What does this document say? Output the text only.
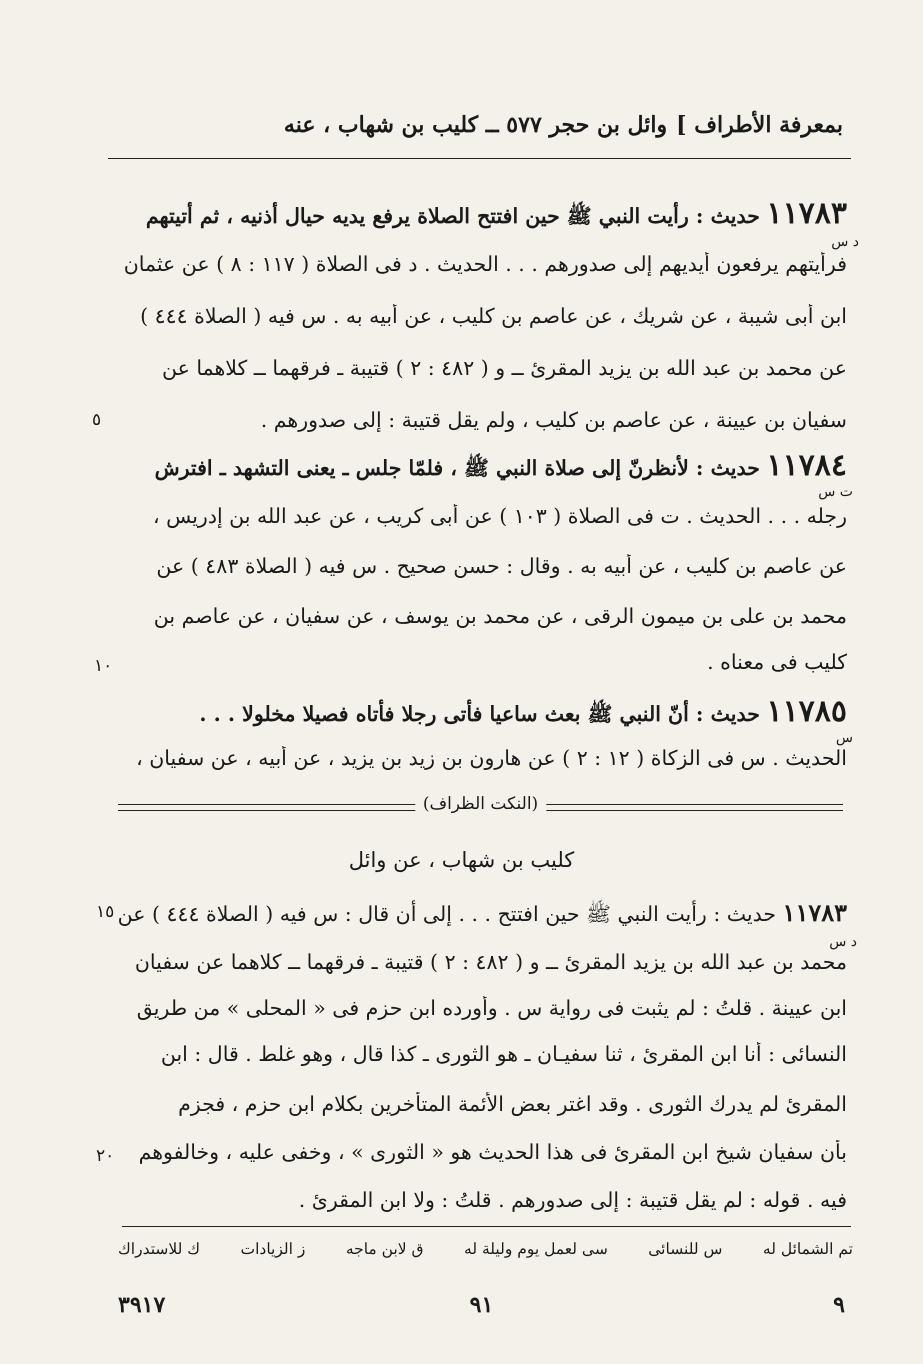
بمعرفة الأطراف ]
وائل بن حجر ٥٧٧ ــ كليب بن شهاب ، عنه
١١٧٨٣ حديث : رأيت النبي ﷺ حين افتتح الصلاة يرفع يديه حيال أذنيه ، ثم أتيتهم
فرأيتهم يرفعون أيديهم إلى صدورهم . . . الحديث . د فى الصلاة ( ١١٧ : ٨ ) عن عثمان
ابن أبى شيبة ، عن شريك ، عن عاصم بن كليب ، عن أبيه به . س فيه ( الصلاة ٤٤٤ )
عن محمد بن عبد الله بن يزيد المقرئ ــ و ( ٤٨٢ : ٢ ) قتيبة ـ فرقهما ــ كلاهما عن
سفيان بن عيينة ، عن عاصم بن كليب ، ولم يقل قتيبة : إلى صدورهم .
د س
١١٧٨٤ حديث : لأنظرنّ إلى صلاة النبي ﷺ ، فلمّا جلس ـ يعنى التشهد ـ افترش
رجله . . . الحديث . ت فى الصلاة ( ١٠٣ ) عن أبى كريب ، عن عبد الله بن إدريس ،
عن عاصم بن كليب ، عن أبيه به . وقال : حسن صحيح . س فيه ( الصلاة ٤٨٣ ) عن
محمد بن على بن ميمون الرقى ، عن محمد بن يوسف ، عن سفيان ، عن عاصم بن
كليب فى معناه .
ت س
١١٧٨٥ حديث : أنّ النبي ﷺ بعث ساعيا فأتى رجلا فأتاه فصيلا مخلولا . . .
الحديث . س فى الزكاة ( ١٢ : ٢ ) عن هارون بن زيد بن يزيد ، عن أبيه ، عن سفيان ،
س
(النكت الظراف)
كليب بن شهاب ، عن وائل
١١٧٨٣ حديث : رأيت النبي ﷺ حين افتتح . . . إلى أن قال : س فيه ( الصلاة ٤٤٤ ) عن
محمد بن عبد الله بن يزيد المقرئ ــ و ( ٤٨٢ : ٢ ) قتيبة ـ فرقهما ــ كلاهما عن سفيان
ابن عيينة . قلتُ : لم يثبت فى رواية س . وأورده ابن حزم فى « المحلى » من طريق
النسائى : أنا ابن المقرئ ، ثنا سفيـان ـ هو الثورى ـ كذا قال ، وهو غلط . قال : ابن
المقرئ لم يدرك الثورى . وقد اغتر بعض الأئمة المتأخرين بكلام ابن حزم ، فجزم
بأن سفيان شيخ ابن المقرئ فى هذا الحديث هو « الثورى » ، وخفى عليه ، وخالفوهم
فيه . قوله : لم يقل قتيبة : إلى صدورهم . قلتُ : ولا ابن المقرئ .
د س
٥
١٠
١٥
٢٠
تم الشمائل له
س للنسائى
سى لعمل يوم وليلة له
ق لابن ماجه
ز الزيادات
ك للاستدراك
٩
٩١
٣٩١٧
